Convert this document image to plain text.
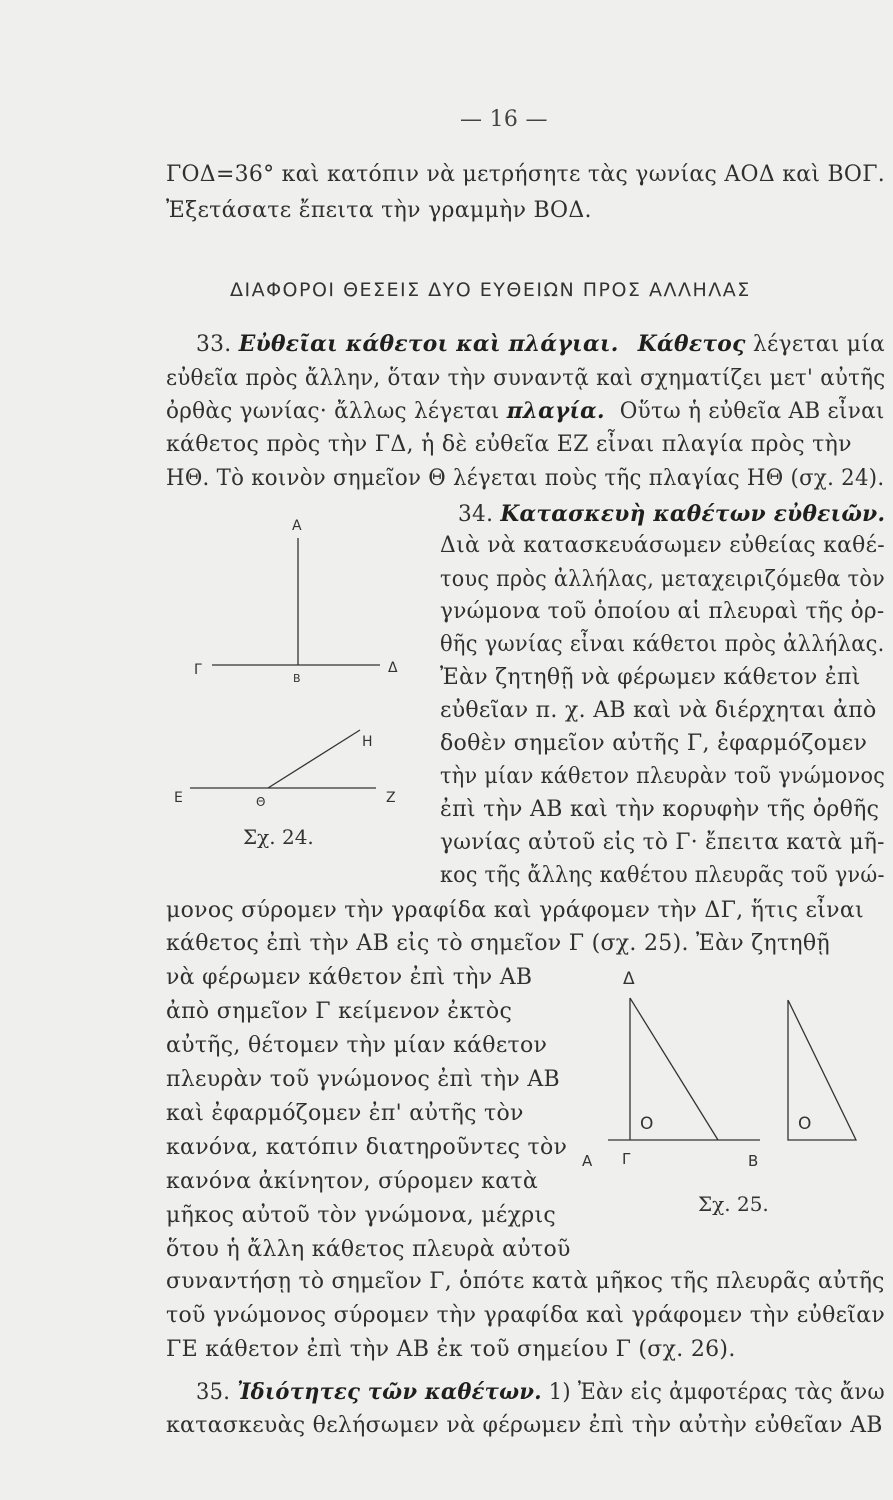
— 16 —
ΓΟΔ=36° καὶ κατόπιν νὰ μετρήσητε τὰς γωνίας ΑΟΔ καὶ ΒΟΓ.
Ἐξετάσατε ἔπειτα τὴν γραμμὴν ΒΟΔ.
ΔΙΑΦΟΡΟΙ ΘΕΣΕΙΣ ΔΥΟ ΕΥΘΕΙΩΝ ΠΡΟΣ ΑΛΛΗΛΑΣ
33. Εὐθεῖαι κάθετοι καὶ πλάγιαι. Κάθετος λέγεται μία
εὐθεῖα πρὸς ἄλλην, ὅταν τὴν συναντᾷ καὶ σχηματίζει μετ' αὐτῆς
ὀρθὰς γωνίας· ἄλλως λέγεται πλαγία. Οὕτω ἡ εὐθεῖα ΑΒ εἶναι
κάθετος πρὸς τὴν ΓΔ, ἡ δὲ εὐθεῖα ΕΖ εἶναι πλαγία πρὸς τὴν
ΗΘ. Τὸ κοινὸν σημεῖον Θ λέγεται ποὺς τῆς πλαγίας ΗΘ (σχ. 24).
34. Κατασκευὴ καθέτων εὐθειῶν.
Α
Γ
Β
Δ
Η
Ε	Θ	Ζ
Σχ. 24.
Διὰ νὰ κατασκευάσωμεν εὐθείας καθέ-
τους πρὸς ἀλλήλας, μεταχειριζόμεθα τὸν
γνώμονα τοῦ ὁποίου αἱ πλευραὶ τῆς ὀρ-
θῆς γωνίας εἶναι κάθετοι πρὸς ἀλλήλας.
Ἐὰν ζητηθῇ νὰ φέρωμεν κάθετον ἐπὶ
εὐθεῖαν π. χ. ΑΒ καὶ νὰ διέρχηται ἀπὸ
δοθὲν σημεῖον αὐτῆς Γ, ἐφαρμόζομεν
τὴν μίαν κάθετον πλευρὰν τοῦ γνώμονος
ἐπὶ τὴν ΑΒ καὶ τὴν κορυφὴν τῆς ὀρθῆς
γωνίας αὐτοῦ εἰς τὸ Γ· ἔπειτα κατὰ μῆ-
κος τῆς ἄλλης καθέτου πλευρᾶς τοῦ γνώ-
μονος σύρομεν τὴν γραφίδα καὶ γράφομεν τὴν ΔΓ, ἥτις εἶναι
κάθετος ἐπὶ τὴν ΑΒ εἰς τὸ σημεῖον Γ (σχ. 25). Ἐὰν ζητηθῇ
νὰ φέρωμεν κάθετον ἐπὶ τὴν ΑΒ
ἀπὸ σημεῖον Γ κείμενον ἐκτὸς
αὐτῆς, θέτομεν τὴν μίαν κάθετον
πλευρὰν τοῦ γνώμονος ἐπὶ τὴν ΑΒ
καὶ ἐφαρμόζομεν ἐπ' αὐτῆς τὸν
κανόνα, κατόπιν διατηροῦντες τὸν
κανόνα ἀκίνητον, σύρομεν κατὰ
μῆκος αὐτοῦ τὸν γνώμονα, μέχρις
ὅτου ἡ ἄλλη κάθετος πλευρὰ αὐτοῦ
Δ
O	O
Α Γ	Β
Σχ. 25.
συναντήσῃ τὸ σημεῖον Γ, ὁπότε κατὰ μῆκος τῆς πλευρᾶς αὐτῆς
τοῦ γνώμονος σύρομεν τὴν γραφίδα καὶ γράφομεν τὴν εὐθεῖαν
ΓΕ κάθετον ἐπὶ τὴν ΑΒ ἐκ τοῦ σημείου Γ (σχ. 26).
35. Ἰδιότητες τῶν καθέτων. 1) Ἐὰν εἰς ἀμφοτέρας τὰς ἄνω
κατασκευὰς θελήσωμεν νὰ φέρωμεν ἐπὶ τὴν αὐτὴν εὐθεῖαν ΑΒ
